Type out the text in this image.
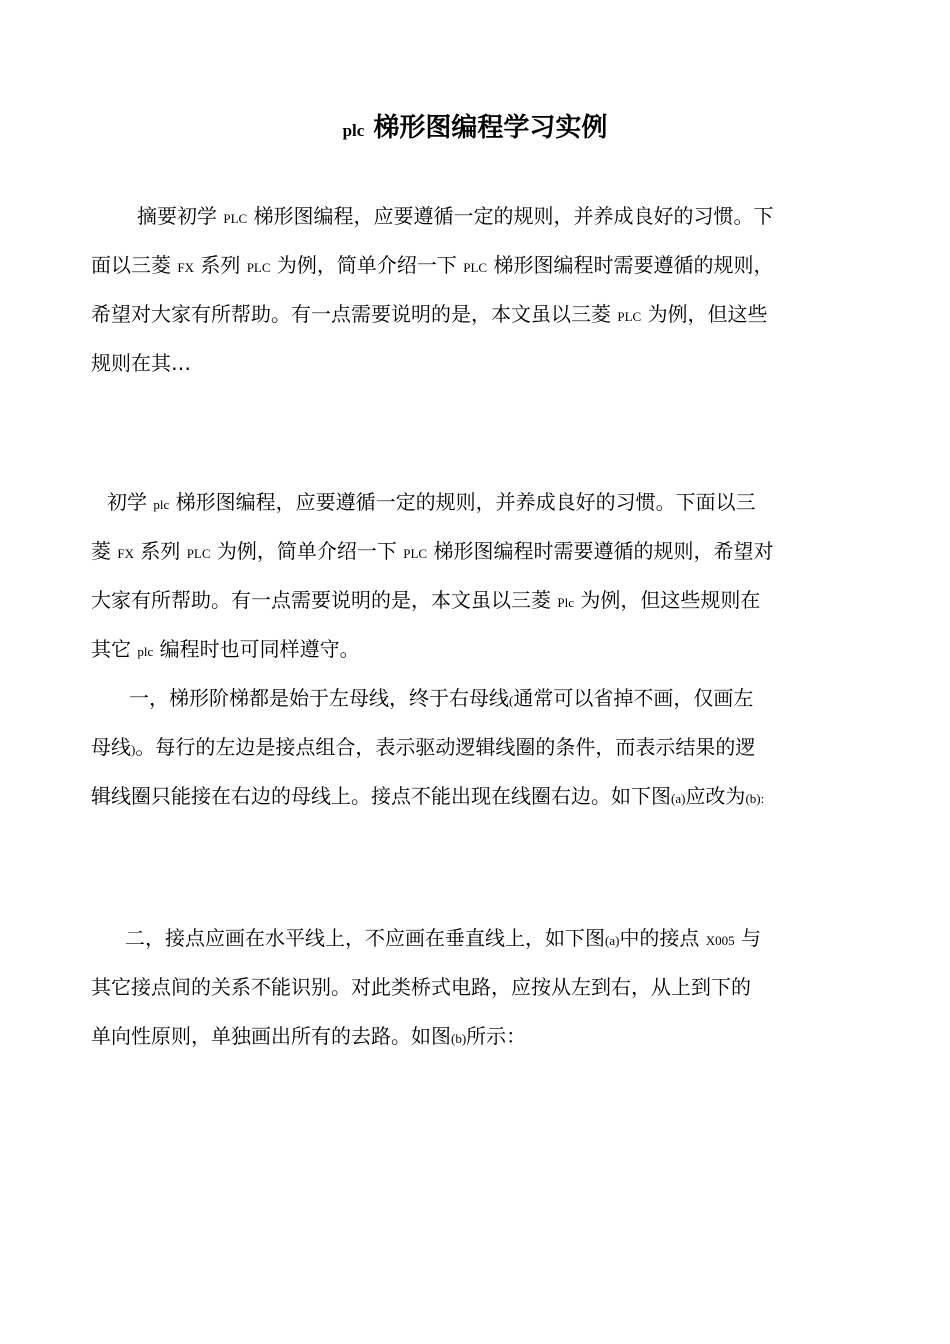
plc 梯形图编程学习实例
摘要初学 PLC 梯形图编程，应要遵循一定的规则，并养成良好的习惯。下
面以三菱 FX 系列 PLC 为例，简单介绍一下 PLC 梯形图编程时需要遵循的规则，
希望对大家有所帮助。有一点需要说明的是，本文虽以三菱 PLC 为例，但这些
规则在其…
初学 plc 梯形图编程，应要遵循一定的规则，并养成良好的习惯。下面以三
菱 FX 系列 PLC 为例，简单介绍一下 PLC 梯形图编程时需要遵循的规则，希望对
大家有所帮助。有一点需要说明的是，本文虽以三菱 Plc 为例，但这些规则在
其它 plc 编程时也可同样遵守。
一，梯形阶梯都是始于左母线，终于右母线(通常可以省掉不画，仅画左
母线)。每行的左边是接点组合，表示驱动逻辑线圈的条件，而表示结果的逻
辑线圈只能接在右边的母线上。接点不能出现在线圈右边。如下图(a)应改为(b):
二，接点应画在水平线上，不应画在垂直线上，如下图(a)中的接点 X005 与
其它接点间的关系不能识别。对此类桥式电路，应按从左到右，从上到下的
单向性原则，单独画出所有的去路。如图(b)所示：
